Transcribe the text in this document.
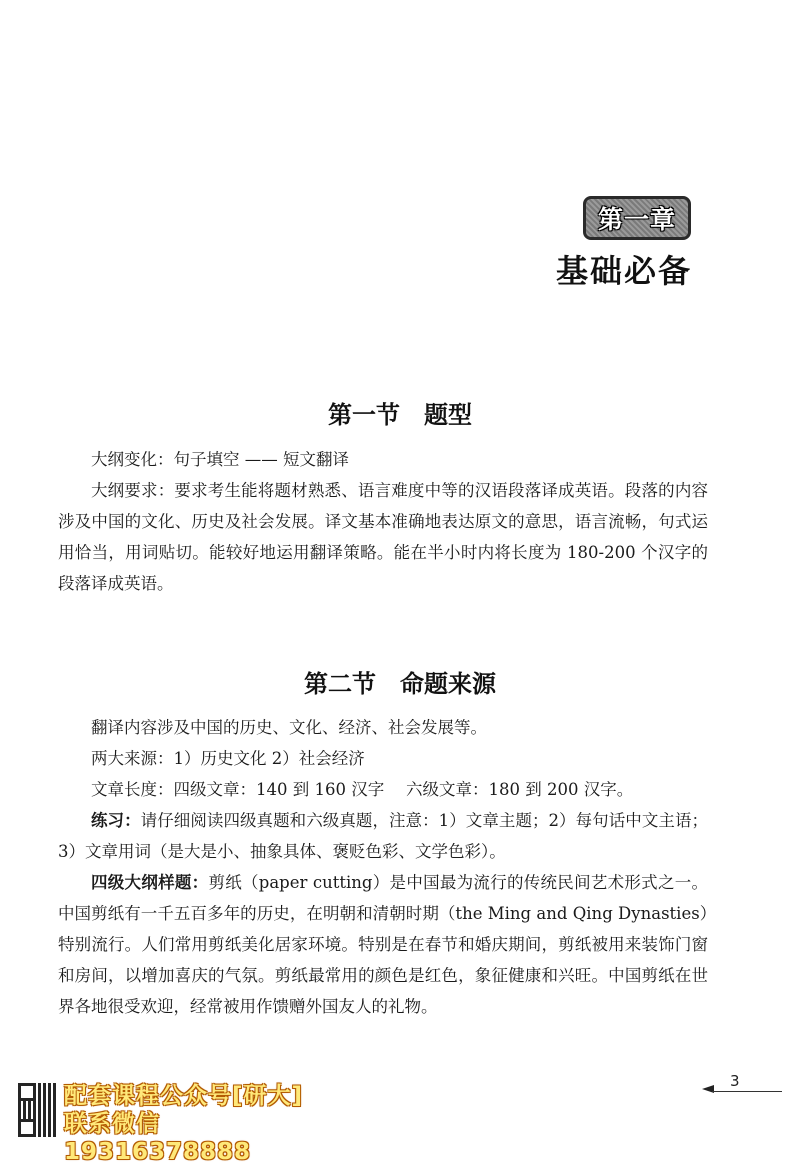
第一章
基础必备
第一节　题型
大纲变化：句子填空 —— 短文翻译
大纲要求：要求考生能将题材熟悉、语言难度中等的汉语段落译成英语。段落的内容涉及中国的文化、历史及社会发展。译文基本准确地表达原文的意思，语言流畅，句式运用恰当，用词贴切。能较好地运用翻译策略。能在半小时内将长度为 180-200 个汉字的段落译成英语。
第二节　命题来源
翻译内容涉及中国的历史、文化、经济、社会发展等。
两大来源：1）历史文化 2）社会经济
文章长度：四级文章：140 到 160 汉字　 六级文章：180 到 200 汉字。
练习：请仔细阅读四级真题和六级真题，注意：1）文章主题；2）每句话中文主语；3）文章用词（是大是小、抽象具体、褒贬色彩、文学色彩）。
四级大纲样题：剪纸（paper cutting）是中国最为流行的传统民间艺术形式之一。中国剪纸有一千五百多年的历史，在明朝和清朝时期（the Ming and Qing Dynasties）特别流行。人们常用剪纸美化居家环境。特别是在春节和婚庆期间，剪纸被用来装饰门窗和房间，以增加喜庆的气氛。剪纸最常用的颜色是红色，象征健康和兴旺。中国剪纸在世界各地很受欢迎，经常被用作馈赠外国友人的礼物。
3
配套课程公众号[研大]
联系微信19316378888
